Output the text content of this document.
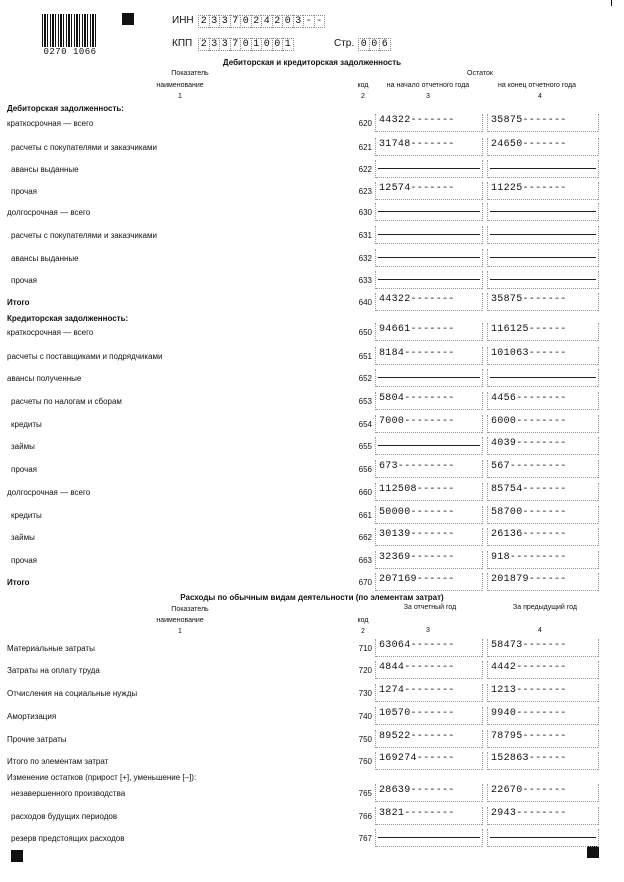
0270 1066
ИНН 2 3 3 7 0 2 4 2 0 3 - -
КПП 2 3 3 7 0 1 0 0 1	Стр. 0 0 6
Дебиторская и кредиторская задолженность
Показатель
наименование
1
код
2
Остаток
на начало отчетного года
3
на конец отчетного года
4
Дебиторская задолженность:
краткосрочная — всего	620 44322-------	35875-------
расчеты с покупателями и заказчиками	621 31748-------	24650-------
авансы выданные	622
прочая	623 12574-------	11225-------
долгосрочная — всего	630
расчеты с покупателями и заказчиками	631
авансы выданные	632
прочая	633
Итого	640 44322-------	35875-------
Кредиторская задолженность:
краткосрочная — всего	650 94661-------	116125------
расчеты с поставщиками и подрядчиками	651 8184--------	101063------
авансы полученные	652
расчеты по налогам и сборам	653 5804--------	4456--------
кредиты	654 7000--------	6000--------
займы	655	4039--------
прочая	656 673---------	567---------
долгосрочная — всего	660 112508------	85754-------
кредиты	661 50000-------	58700-------
займы	662 30139-------	26136-------
прочая	663 32369-------	918---------
Итого	670 207169------	201879------
Расходы по обычным видам деятельности (по элементам затрат)
Показатель
наименование
1
код
2
За отчетный год
3
За предыдущий год
4
Материальные затраты	710 63064-------	58473-------
Затраты на оплату труда	720 4844--------	4442--------
Отчисления на социальные нужды	730 1274--------	1213--------
Амортизация	740 10570-------	9940--------
Прочие затраты	750 89522-------	78795-------
Итого по элементам затрат	760 169274------	152863------
Изменение остатков (прирост [+], уменьшение [–]):
незавершенного производства	765 28639-------	22670-------
расходов будущих периодов	766 3821--------	2943--------
резерв предстоящих расходов	767
